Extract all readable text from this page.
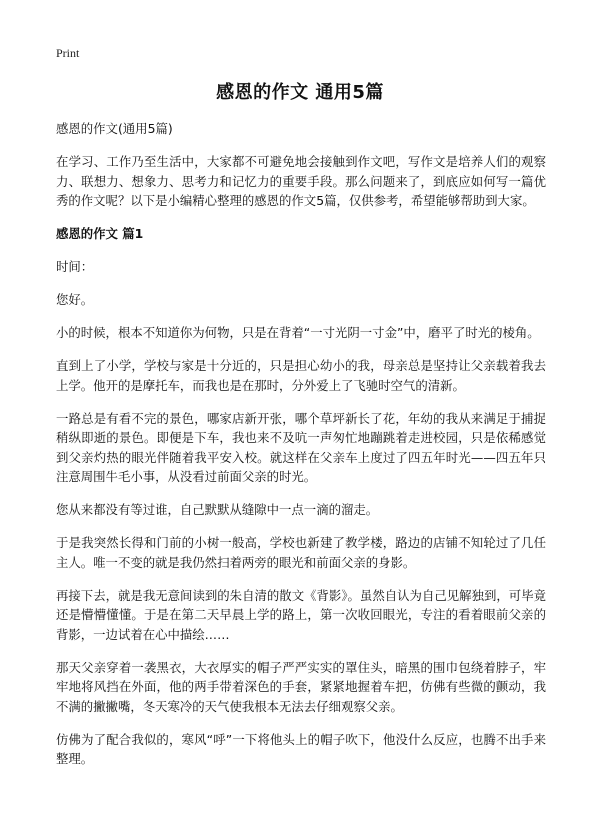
Print
感恩的作文 通用5篇

感恩的作文(通用5篇)

在学习、工作乃至生活中，大家都不可避免地会接触到作文吧，写作文是培养人们的观察力、联想力、想象力、思考力和记忆力的重要手段。那么问题来了，到底应如何写一篇优秀的作文呢？以下是小编精心整理的感恩的作文5篇，仅供参考，希望能够帮助到大家。

感恩的作文 篇1

时间：

您好。

小的时候，根本不知道你为何物，只是在背着“一寸光阴一寸金”中，磨平了时光的棱角。

直到上了小学，学校与家是十分近的，只是担心幼小的我，母亲总是坚持让父亲载着我去上学。他开的是摩托车，而我也是在那时，分外爱上了飞驰时空气的清新。

一路总是有看不完的景色，哪家店新开张，哪个草坪新长了花，年幼的我从来满足于捕捉稍纵即逝的景色。即便是下车，我也来不及吭一声匆忙地蹦跳着走进校园，只是依稀感觉到父亲灼热的眼光伴随着我平安入校。就这样在父亲车上度过了四五年时光——四五年只注意周围牛毛小事，从没看过前面父亲的时光。

您从来都没有等过谁，自己默默从缝隙中一点一滴的溜走。

于是我突然长得和门前的小树一般高，学校也新建了教学楼，路边的店铺不知轮过了几任主人。唯一不变的就是我仍然扫着两旁的眼光和前面父亲的身影。

再接下去，就是我无意间读到的朱自清的散文《背影》。虽然自认为自己见解独到，可毕竟还是懵懵懂懂。于是在第二天早晨上学的路上，第一次收回眼光，专注的看着眼前父亲的背影，一边试着在心中描绘……

那天父亲穿着一袭黑衣，大衣厚实的帽子严严实实的罩住头，暗黑的围巾包绕着脖子，牢牢地将风挡在外面，他的两手带着深色的手套，紧紧地握着车把，仿佛有些微的颤动，我不满的撇撇嘴，冬天寒冷的天气使我根本无法去仔细观察父亲。

仿佛为了配合我似的，寒风“呼”一下将他头上的帽子吹下，他没什么反应，也腾不出手来整理。
